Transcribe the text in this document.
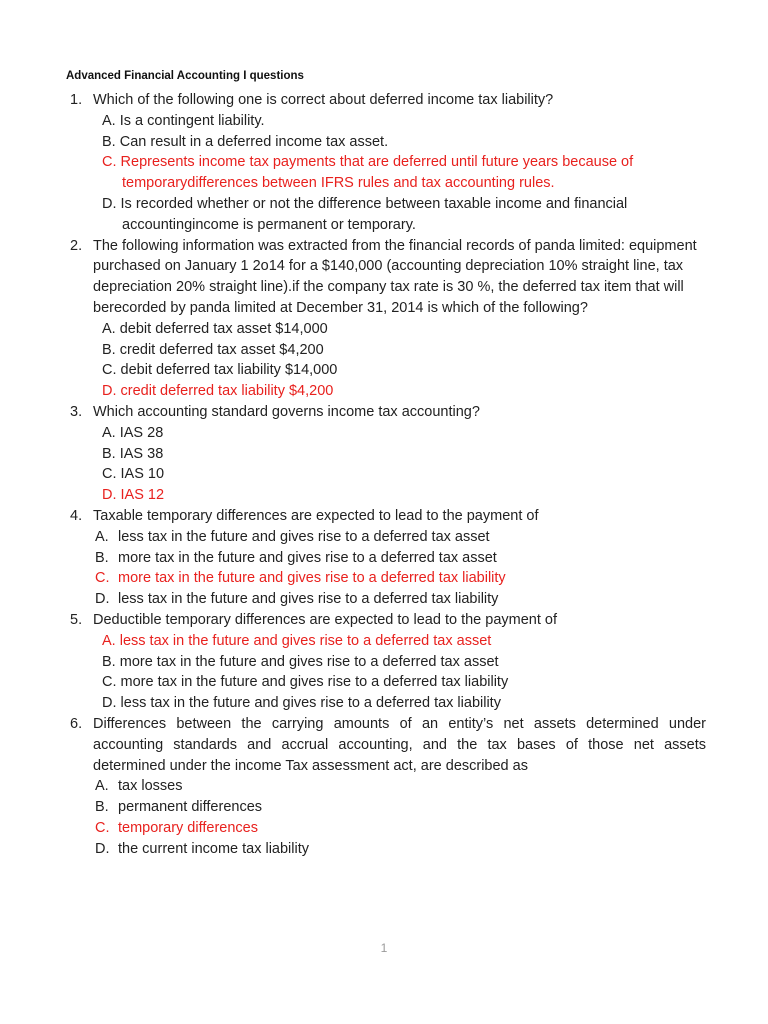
Advanced Financial Accounting I questions
1. Which of the following one is correct about deferred income tax liability?
A. Is a contingent liability.
B. Can result in a deferred income tax asset.
C. Represents income tax payments that are deferred until future years because of temporarydifferences between IFRS rules and tax accounting rules.
D. Is recorded whether or not the difference between taxable income and financial accountingincome is permanent or temporary.
2. The following information was extracted from the financial records of panda limited: equipment purchased on January 1 2o14 for a $140,000 (accounting depreciation 10% straight line, tax depreciation 20% straight line).if the company tax rate is 30 %, the deferred tax item that will berecorded by panda limited at December 31, 2014 is which of the following?
A. debit deferred tax asset $14,000
B. credit deferred tax asset $4,200
C. debit deferred tax liability $14,000
D. credit deferred tax liability $4,200
3. Which accounting standard governs income tax accounting?
A. IAS 28
B. IAS 38
C. IAS 10
D. IAS 12
4. Taxable temporary differences are expected to lead to the payment of
A. less tax in the future and gives rise to a deferred tax asset
B. more tax in the future and gives rise to a deferred tax asset
C. more tax in the future and gives rise to a deferred tax liability
D. less tax in the future and gives rise to a deferred tax liability
5. Deductible temporary differences are expected to lead to the payment of
A. less tax in the future and gives rise to a deferred tax asset
B. more tax in the future and gives rise to a deferred tax asset
C. more tax in the future and gives rise to a deferred tax liability
D. less tax in the future and gives rise to a deferred tax liability
6. Differences between the carrying amounts of an entity’s net assets determined under accounting standards and accrual accounting, and the tax bases of those net assets determined under the income Tax assessment act, are described as
A. tax losses
B. permanent differences
C. temporary differences
D. the current income tax liability
1
